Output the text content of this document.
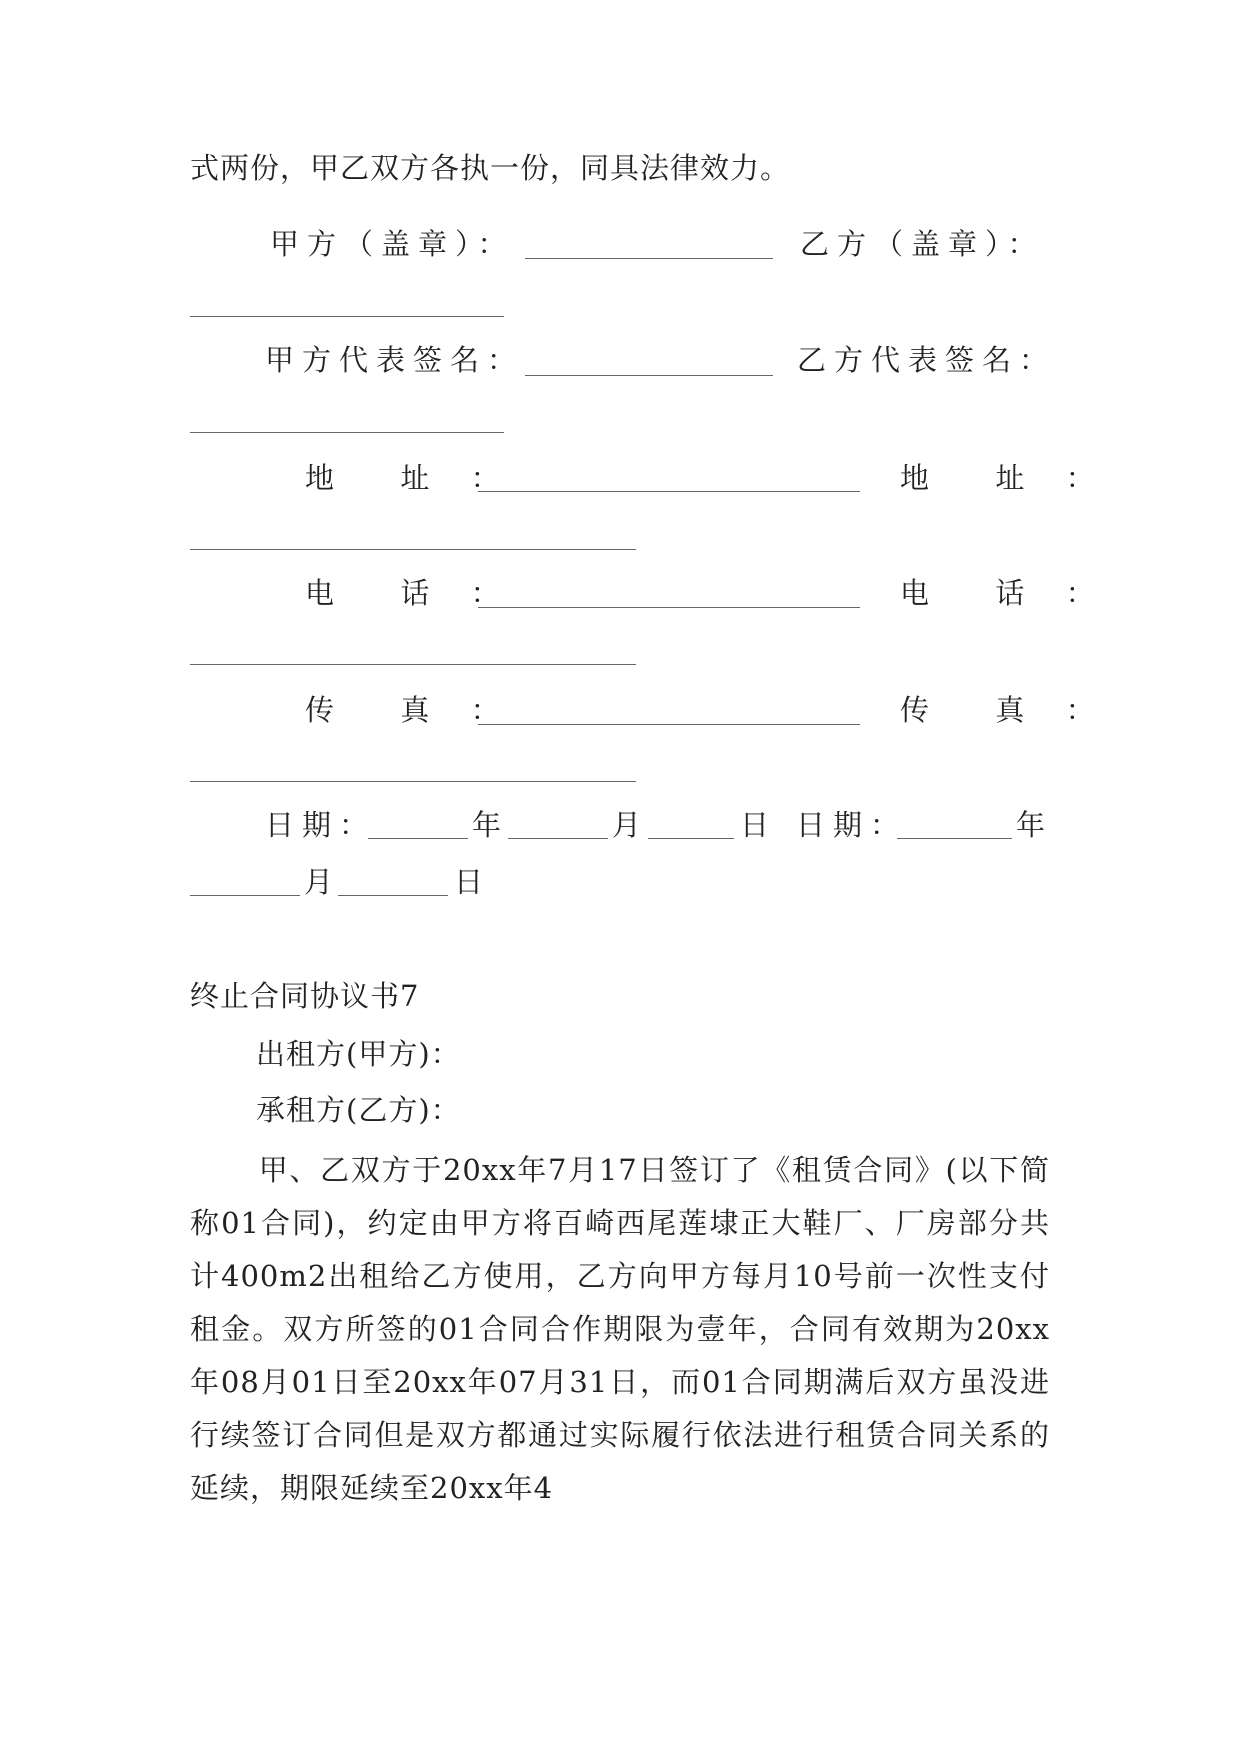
式两份，甲乙双方各执一份，同具法律效力。
甲方（盖章）：	乙方（盖章）：
甲方代表签名：	乙方代表签名：
地  址 ：	地  址 ：
电  话 ：	电  话 ：
传  真 ：	传  真 ：
日期：	年	月	日 日期：	年
月	日
终止合同协议书7
出租方(甲方)：
承租方(乙方)：
甲、乙双方于20xx年7月17日签订了《租赁合同》(以下简称01合同)，约定由甲方将百崎西尾莲埭正大鞋厂、厂房部分共计400m2出租给乙方使用，乙方向甲方每月10号前一次性支付租金。双方所签的01合同合作期限为壹年，合同有效期为20xx年08月01日至20xx年07月31日，而01合同期满后双方虽没进行续签订合同但是双方都通过实际履行依法进行租赁合同关系的延续，期限延续至20xx年4
